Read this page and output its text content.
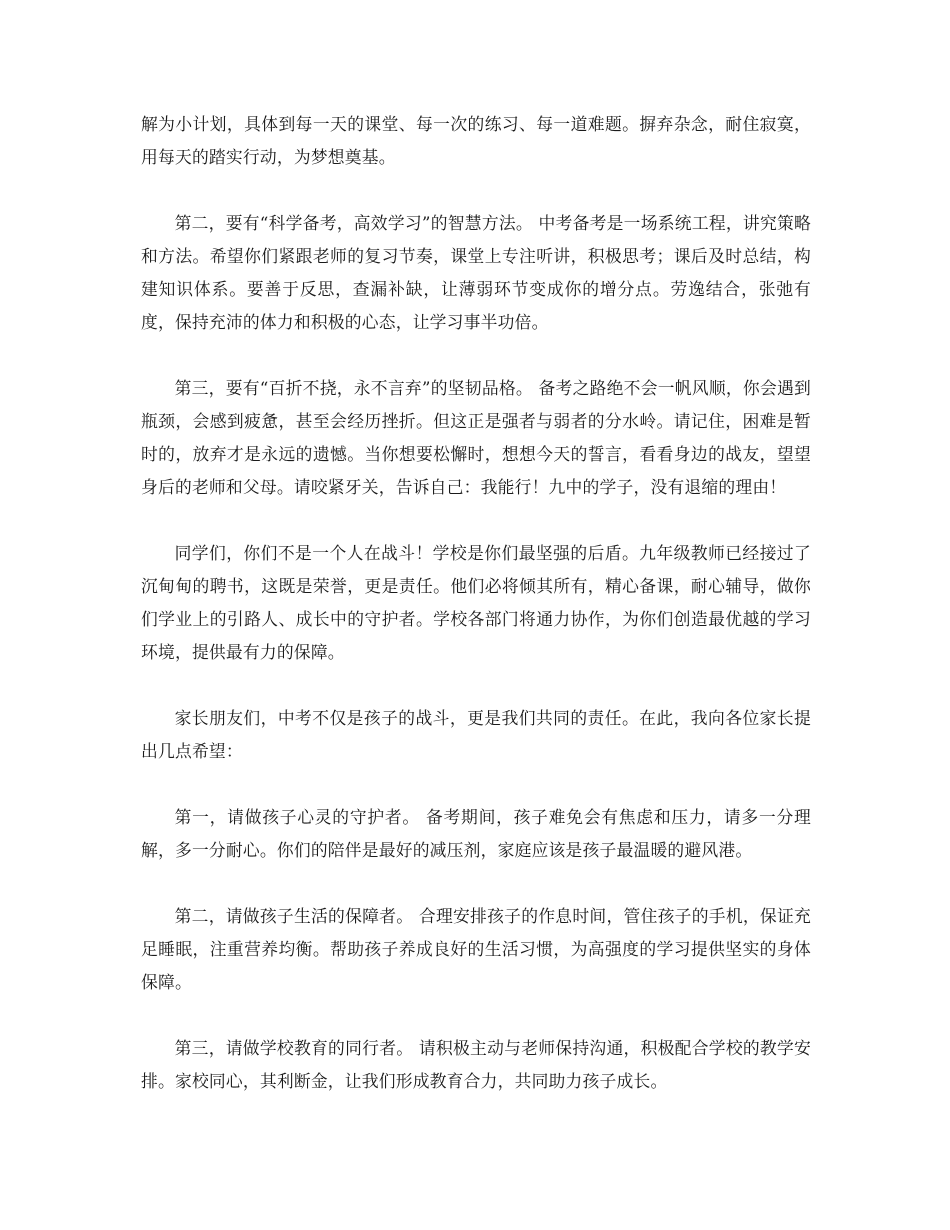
解为小计划，具体到每一天的课堂、每一次的练习、每一道难题。摒弃杂念，耐住寂寞，用每天的踏实行动，为梦想奠基。

第二，要有“科学备考，高效学习”的智慧方法。 中考备考是一场系统工程，讲究策略和方法。希望你们紧跟老师的复习节奏，课堂上专注听讲，积极思考；课后及时总结，构建知识体系。要善于反思，查漏补缺，让薄弱环节变成你的增分点。劳逸结合，张弛有度，保持充沛的体力和积极的心态，让学习事半功倍。

第三，要有“百折不挠，永不言弃”的坚韧品格。 备考之路绝不会一帆风顺，你会遇到瓶颈，会感到疲惫，甚至会经历挫折。但这正是强者与弱者的分水岭。请记住，困难是暂时的，放弃才是永远的遗憾。当你想要松懈时，想想今天的誓言，看看身边的战友，望望身后的老师和父母。请咬紧牙关，告诉自己：我能行！九中的学子，没有退缩的理由！

同学们，你们不是一个人在战斗！学校是你们最坚强的后盾。九年级教师已经接过了沉甸甸的聘书，这既是荣誉，更是责任。他们必将倾其所有，精心备课，耐心辅导，做你们学业上的引路人、成长中的守护者。学校各部门将通力协作，为你们创造最优越的学习环境，提供最有力的保障。

家长朋友们，中考不仅是孩子的战斗，更是我们共同的责任。在此，我向各位家长提出几点希望：

第一，请做孩子心灵的守护者。 备考期间，孩子难免会有焦虑和压力，请多一分理解，多一分耐心。你们的陪伴是最好的减压剂，家庭应该是孩子最温暖的避风港。

第二，请做孩子生活的保障者。 合理安排孩子的作息时间，管住孩子的手机，保证充足睡眠，注重营养均衡。帮助孩子养成良好的生活习惯，为高强度的学习提供坚实的身体保障。

第三，请做学校教育的同行者。 请积极主动与老师保持沟通，积极配合学校的教学安排。家校同心，其利断金，让我们形成教育合力，共同助力孩子成长。
